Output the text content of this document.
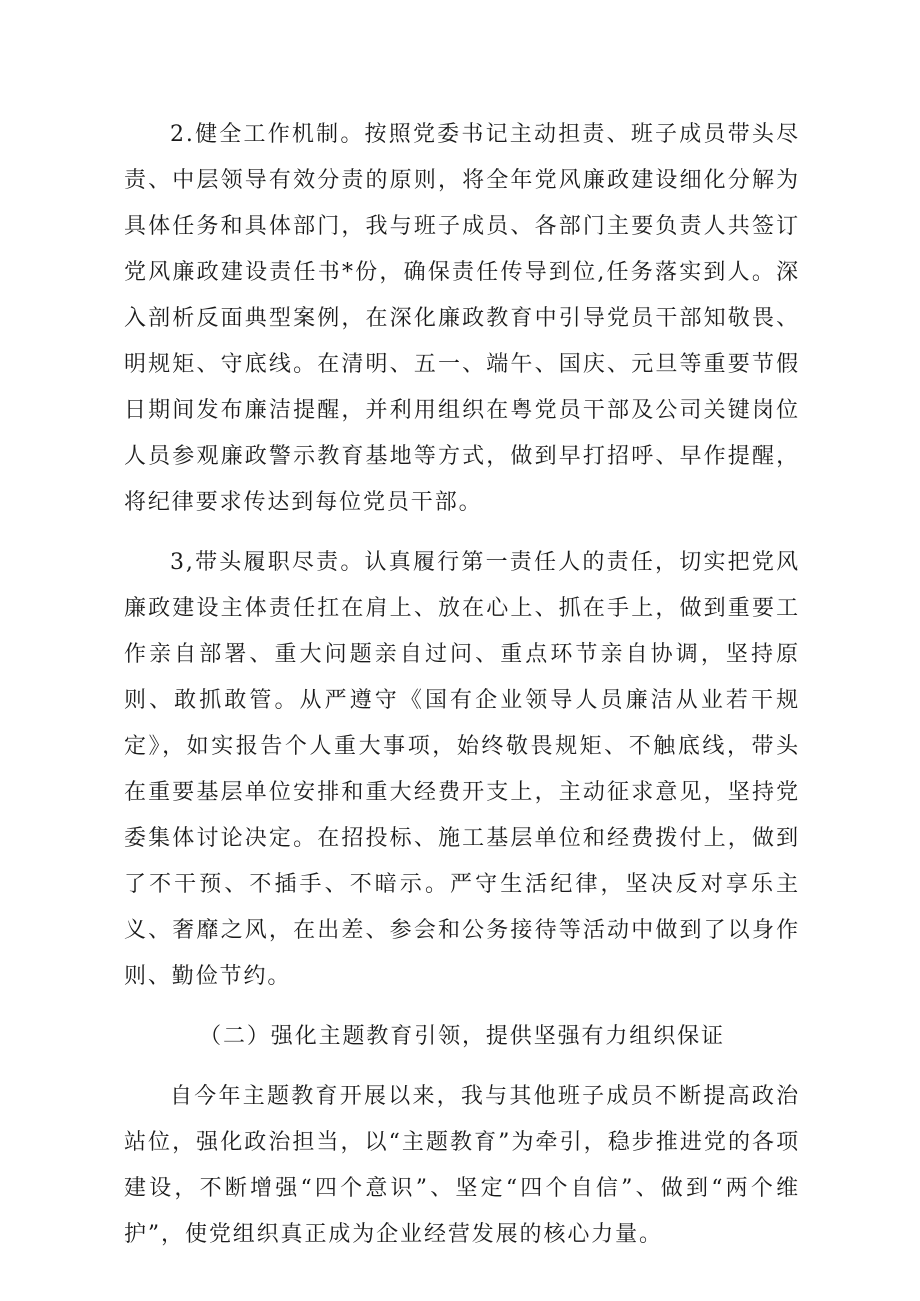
2.健全工作机制。按照党委书记主动担责、班子成员带头尽责、中层领导有效分责的原则，将全年党风廉政建设细化分解为具体任务和具体部门，我与班子成员、各部门主要负责人共签订党风廉政建设责任书*份，确保责任传导到位,任务落实到人。深入剖析反面典型案例，在深化廉政教育中引导党员干部知敬畏、明规矩、守底线。在清明、五一、端午、国庆、元旦等重要节假日期间发布廉洁提醒，并利用组织在粤党员干部及公司关键岗位人员参观廉政警示教育基地等方式，做到早打招呼、早作提醒，将纪律要求传达到每位党员干部。

3,带头履职尽责。认真履行第一责任人的责任，切实把党风廉政建设主体责任扛在肩上、放在心上、抓在手上，做到重要工作亲自部署、重大问题亲自过问、重点环节亲自协调，坚持原则、敢抓敢管。从严遵守《国有企业领导人员廉洁从业若干规定》，如实报告个人重大事项，始终敬畏规矩、不触底线，带头在重要基层单位安排和重大经费开支上，主动征求意见，坚持党委集体讨论决定。在招投标、施工基层单位和经费拨付上，做到了不干预、不插手、不暗示。严守生活纪律，坚决反对享乐主义、奢靡之风，在出差、参会和公务接待等活动中做到了以身作则、勤俭节约。

（二）强化主题教育引领，提供坚强有力组织保证

自今年主题教育开展以来，我与其他班子成员不断提高政治站位，强化政治担当，以“主题教育”为牵引，稳步推进党的各项建设，不断增强“四个意识”、坚定“四个自信”、做到“两个维护”，使党组织真正成为企业经营发展的核心力量。
